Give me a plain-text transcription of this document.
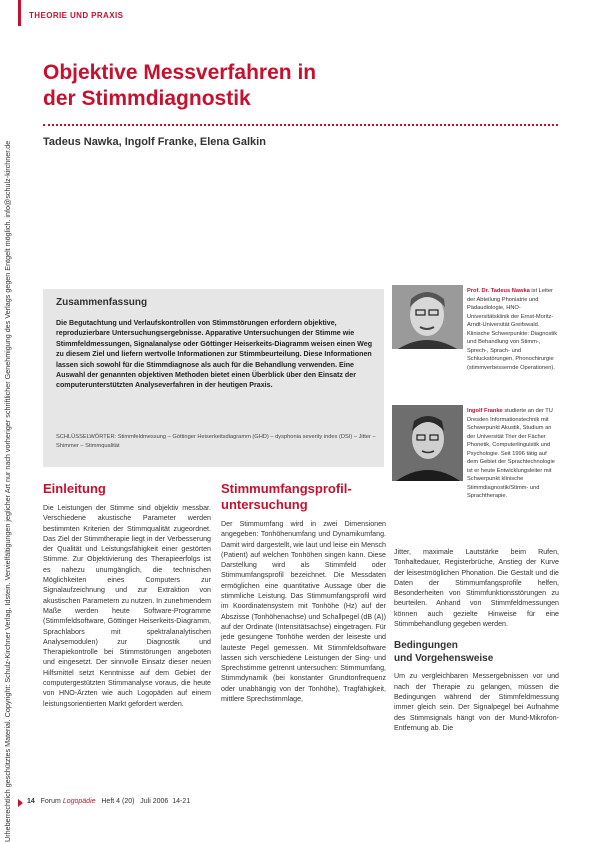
Urheberrechtlich geschütztes Material. Copyright: Schulz-Kirchner Verlag, Idstein. Vervielfältigungen jeglicher Art nur nach vorheriger schriftlicher Genehmigung des Verlags gegen Entgelt möglich. info@schulz-kirchner.de
THEORIE UND PRAXIS
Objektive Messverfahren in
der Stimmdiagnostik
Tadeus Nawka, Ingolf Franke, Elena Galkin
Zusammenfassung
Die Begutachtung und Verlaufskontrollen von Stimmstörungen erfordern objektive, reproduzierbare Untersuchungsergebnisse. Apparative Untersuchungen der Stimme wie Stimmfeldmessungen, Signalanalyse oder Göttinger Heiserkeits-Diagramm weisen einen Weg zu diesem Ziel und liefern wertvolle Informationen zur Stimmbeurteilung. Diese Informationen lassen sich sowohl für die Stimmdiagnose als auch für die Behandlung verwenden. Eine Auswahl der genannten objektiven Methoden bietet einen Überblick über den Einsatz der computerunterstützten Analyseverfahren in der heutigen Praxis.
SCHLÜSSELWÖRTER: Stimmfeldmessung – Göttinger Heiserkeitsdiagramm (GHD) – dysphonia severity index (DSI) – Jitter – Shimmer – Stimmqualität
Prof. Dr. Tadeus Nawka ist Leiter der Abteilung Phoniatrie und Pädaudiologie, HNO-Universitätsklinik der Ernst-Moritz-Arndt-Universität Greifswald. Klinische Schwerpunkte: Diagnostik und Behandlung von Stimm-, Sprech-, Sprach- und Schluckstörungen, Phonochirurgie (stimmverbessernde Operationen).
Ingolf Franke studierte an der TU Dresden Informationstechnik mit Schwerpunkt Akustik, Studium an der Universität Trier der Fächer Phonetik, Computerlinguistik und Psychologie. Seit 1996 tätig auf dem Gebiet der Sprachtechnologie ist er heute Entwicklungsleiter mit Schwerpunkt klinische Stimmdiagnostik/Stimm- und Sprachtherapie.
Einleitung
Die Leistungen der Stimme sind objektiv messbar. Verschiedene akustische Parameter werden bestimmten Kriterien der Stimmqualität zugeordnet. Das Ziel der Stimmtherapie liegt in der Verbesserung der Qualität und Leistungsfähigkeit einer gestörten Stimme. Zur Objektivierung des Therapieerfolgs ist es nahezu unumgänglich, die technischen Möglichkeiten eines Computers zur Signalaufzeichnung und zur Extraktion von akustischen Parametern zu nutzen. In zunehmendem Maße werden heute Software-Programme (Stimmfeldsoftware, Göttinger Heiserkeits-Diagramm, Sprachlabors mit spektralanalytischen Analysemodulen) zur Diagnostik und Therapiekontrolle bei Stimmstörungen angeboten und eingesetzt. Der sinnvolle Einsatz dieser neuen Hilfsmittel setzt Kenntnisse auf dem Gebiet der computergestützten Stimmanalyse voraus, die heute von HNO-Ärzten wie auch Logopäden auf einem leistungsorientierten Markt gefordert werden.
Stimmumfangsprofil-
untersuchung
Der Stimmumfang wird in zwei Dimensionen angegeben: Tonhöhenumfang und Dynamikumfang. Damit wird dargestellt, wie laut und leise ein Mensch (Patient) auf welchen Tonhöhen singen kann. Diese Darstellung wird als Stimmfeld oder Stimmumfangsprofil bezeichnet. Die Messdaten ermöglichen eine quantitative Aussage über die stimmliche Leistung. Das Stimmumfangsprofil wird im Koordinatensystem mit Tonhöhe (Hz) auf der Abszisse (Tonhöhenachse) und Schallpegel (dB (A)) auf der Ordinate (Intensitätsachse) eingetragen. Für jede gesungene Tonhöhe werden der leiseste und lauteste Pegel gemessen. Mit Stimmfeldsoftware lassen sich verschiedene Leistungen der Sing- und Sprechstimme getrennt untersuchen: Stimmumfang, Stimmdynamik (bei konstanter Grundtonfrequenz oder unabhängig von der Tonhöhe), Tragfähigkeit, mittlere Sprechstimmlage,
Jitter, maximale Lautstärke beim Rufen, Tonhaltedauer, Registerbrüche, Anstieg der Kurve der leisestmöglichen Phonation. Die Gestalt und die Daten der Stimmumfangsprofile helfen, Besonderheiten von Stimmfunktionsstörungen zu beurteilen. Anhand von Stimmfeldmessungen können auch gezielte Hinweise für eine Stimmbehandlung gegeben werden.
Bedingungen
und Vorgehensweise
Um zu vergleichbaren Messergebnissen vor und nach der Therapie zu gelangen, müssen die Bedingungen während der Stimmfeldmessung immer gleich sein. Der Signalpegel bei Aufnahme des Stimmsignals hängt von der Mund-Mikrofon-Entfernung ab. Die
14 Forum Logopädie Heft 4 (20) Juli 2006 14-21
